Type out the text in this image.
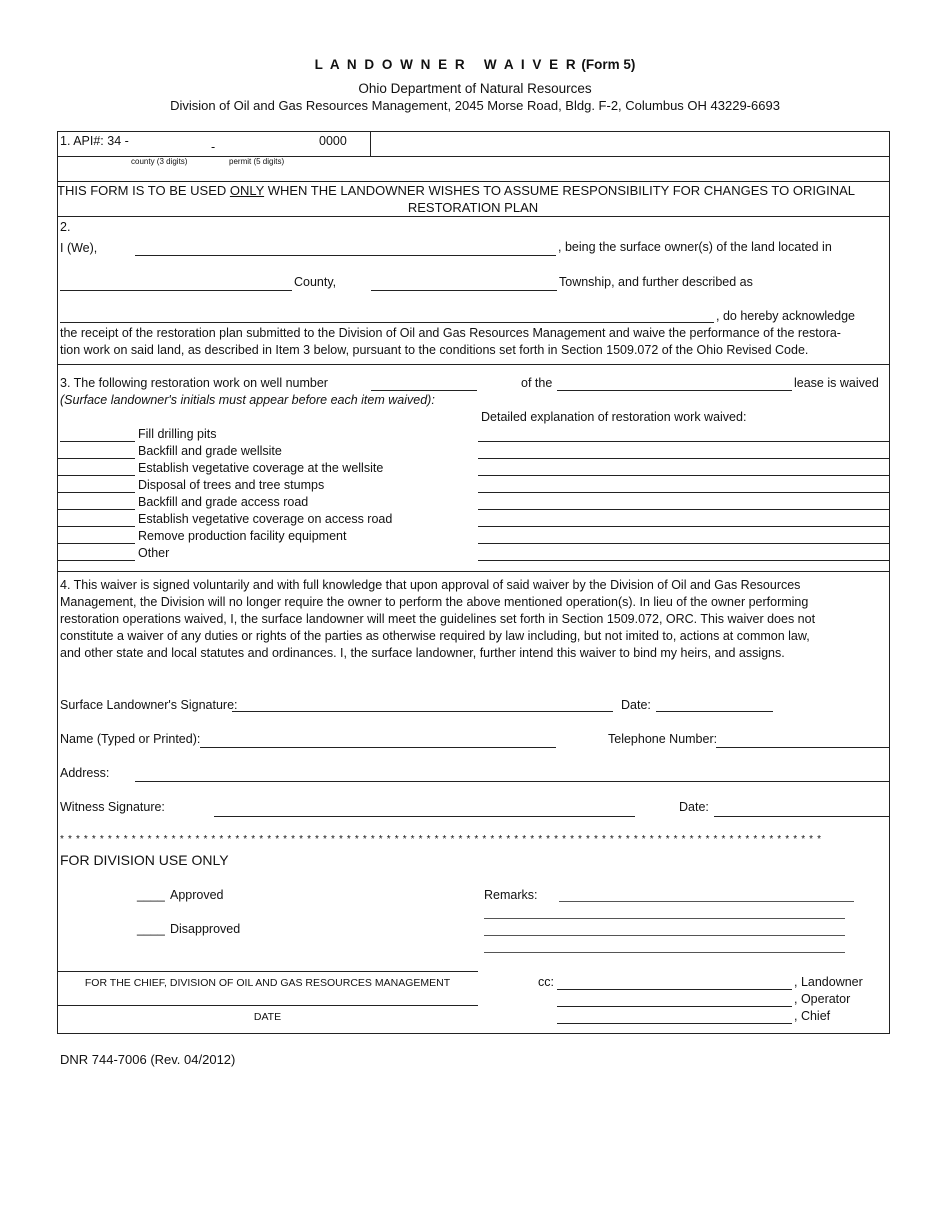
L A N D O W N E R   W A I V E R (Form 5)
Ohio Department of Natural Resources
Division of Oil and Gas Resources Management, 2045 Morse Road, Bldg. F-2, Columbus OH 43229-6693
1. API#: 34 -	-	0000
county (3 digits)	permit (5 digits)
THIS FORM IS TO BE USED ONLY WHEN THE LANDOWNER WISHES TO ASSUME RESPONSIBILITY FOR CHANGES TO ORIGINAL
RESTORATION PLAN
2.
I (We),	, being the surface owner(s) of the land located in
County,	Township, and further described as
, do hereby acknowledge
the receipt of the restoration plan submitted to the Division of Oil and Gas Resources Management and waive the performance of the restora-
tion work on said land, as described in Item 3 below, pursuant to the conditions set forth in Section 1509.072 of the Ohio Revised Code.
3. The following restoration work on well number	of the	lease is waived
(Surface landowner's initials must appear before each item waived):
Detailed explanation of restoration work waived:
Fill drilling pits
Backfill and grade wellsite
Establish vegetative coverage at the wellsite
Disposal of trees and tree stumps
Backfill and grade access road
Establish vegetative coverage on access road
Remove production facility equipment
Other
4. This waiver is signed voluntarily and with full knowledge that upon approval of said waiver by the Division of Oil and Gas Resources
Management, the Division will no longer require the owner to perform the above mentioned operation(s). In lieu of the owner performing
restoration operations waived, I, the surface landowner will meet the guidelines set forth in Section 1509.072, ORC. This waiver does not
constitute a waiver of any duties or rights of the parties as otherwise required by law including, but not imited to, actions at common law,
and other state and local statutes and ordinances. I, the surface landowner, further intend this waiver to bind my heirs, and assigns.
Surface Landowner's Signature:	Date:
Name (Typed or Printed):	Telephone Number:
Address:
Witness Signature:	Date:
* * * * * * * * * * * * * * * * * * * * * * * * * * * * * * * * * * * * * * * * * * * * * * * * * * * * * * * * * * * * * * * * * * * * * * * * * * * * * * * * * * * * * * * * * * * * * * * *
FOR DIVISION USE ONLY
____ Approved
____ Disapproved
Remarks:
FOR THE CHIEF, DIVISION OF OIL AND GAS RESOURCES MANAGEMENT
DATE
cc:	, Landowner
, Operator
, Chief
DNR 744-7006 (Rev. 04/2012)
